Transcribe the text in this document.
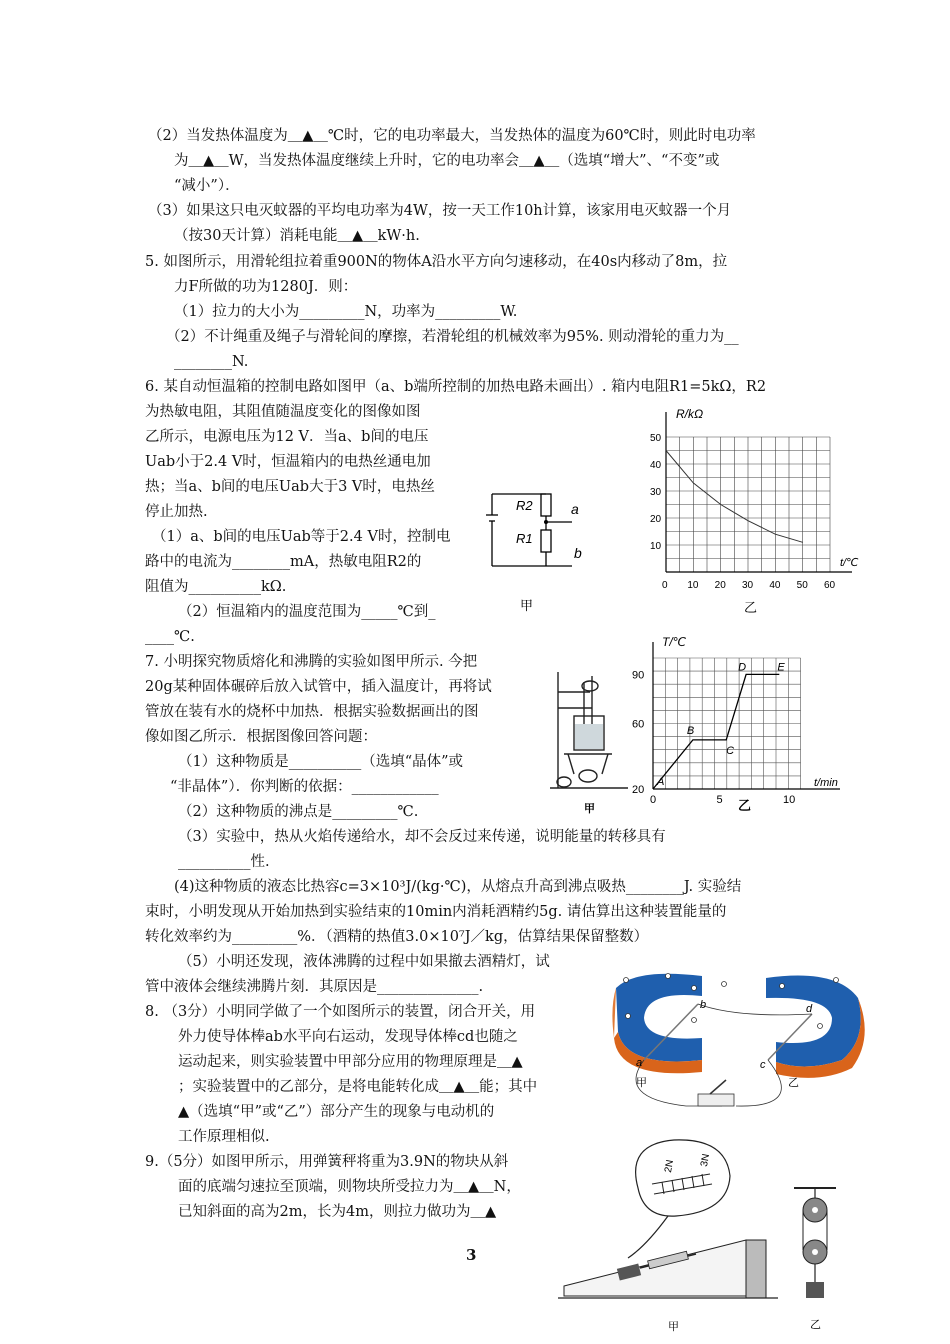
（2）当发热体温度为＿▲＿℃时，它的电功率最大，当发热体的温度为60℃时，则此时电功率
为＿▲＿W，当发热体温度继续上升时，它的电功率会＿▲＿（选填“增大”、“不变”或
“减小”）．
（3）如果这只电灭蚊器的平均电功率为4W，按一天工作10h计算，该家用电灭蚊器一个月
（按30天计算）消耗电能＿▲＿kW·h.
5. 如图所示，用滑轮组拉着重900N的物体A沿水平方向匀速移动，在40s内移动了8m，拉
力F所做的功为1280J．则：
（1）拉力的大小为_________N，功率为_________W.
（2）不计绳重及绳子与滑轮间的摩擦，若滑轮组的机械效率为95%. 则动滑轮的重力为__
________N.
6. 某自动恒温箱的控制电路如图甲（a、b端所控制的加热电路未画出）. 箱内电阻R1=5kΩ，R2
为热敏电阻，其阻值随温度变化的图像如图
乙所示，电源电压为12 V．当a、b间的电压
Uab小于2.4 V时，恒温箱内的电热丝通电加
热；当a、b间的电压Uab大于3 V时，电热丝
停止加热.
（1）a、b间的电压Uab等于2.4 V时，控制电
路中的电流为________mA，热敏电阻R2的
阻值为__________kΩ.
（2）恒温箱内的温度范围为_____℃到_
____℃.
7. 小明探究物质熔化和沸腾的实验如图甲所示. 今把
20g某种固体碾碎后放入试管中，插入温度计，再将试
管放在装有水的烧杯中加热．根据实验数据画出的图
像如图乙所示．根据图像回答问题：
（1）这种物质是__________（选填“晶体”或
“非晶体”）．你判断的依据：____________
（2）这种物质的沸点是_________℃.
（3）实验中，热从火焰传递给水，却不会反过来传递，说明能量的转移具有
__________性.
(4)这种物质的液态比热容c=3×10³J/(kg·℃)，从熔点升高到沸点吸热________J. 实验结
束时，小明发现从开始加热到实验结束的10min内消耗酒精约5g. 请估算出这种装置能量的
转化效率约为_________%．（酒精的热值3.0×10⁷J／kg，估算结果保留整数）
（5）小明还发现，液体沸腾的过程中如果撤去酒精灯，试
管中液体会继续沸腾片刻．其原因是______________.
8. （3分）小明同学做了一个如图所示的装置，闭合开关，用
外力使导体棒ab水平向右运动，发现导体棒cd也随之
运动起来，则实验装置中甲部分应用的物理原理是＿▲
；实验装置中的乙部分，是将电能转化成＿▲＿能；其中
▲（选填“甲”或“乙”）部分产生的现象与电动机的
工作原理相似.
9.（5分）如图甲所示，用弹簧秤将重为3.9N的物块从斜
面的底端匀速拉至顶端，则物块所受拉力为＿▲＿N，
已知斜面的高为2m，长为4m，则拉力做功为＿▲
3
R2
R1
a
b
甲
R/kΩ
t/℃
10
20
30
40
50
0 10 20 30 40 50 60
乙
甲
T/℃
t/min
20
60
90
0	5	10
A
B
C
D	E
乙
b
a
d
c
甲	乙
2N 3N
甲	乙
